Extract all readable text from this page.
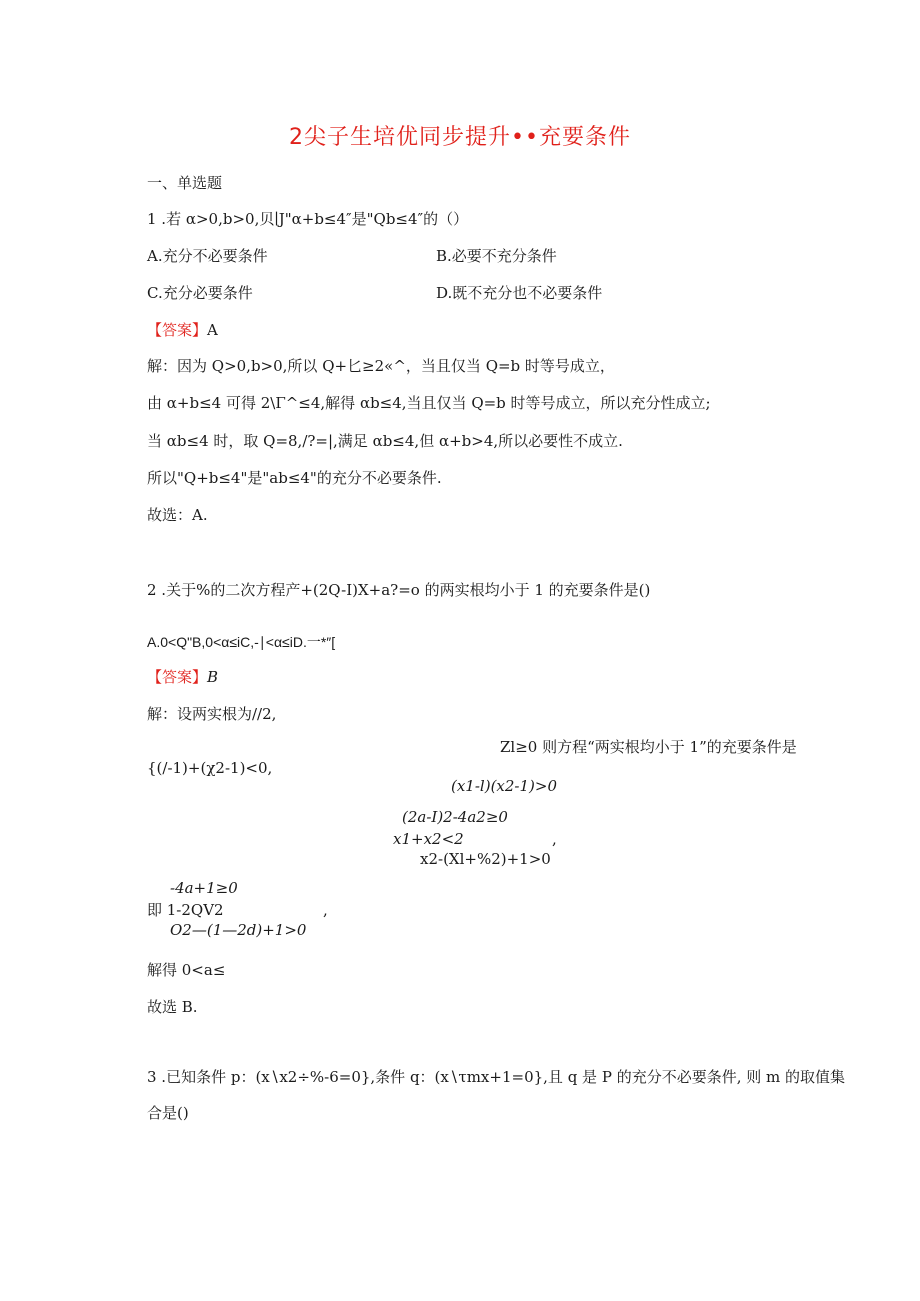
2尖子生培优同步提升••充要条件
一、单选题
1 .若 α>0,b>0,贝∣J"α+b≤4″是"Qb≤4″的（）
A.充分不必要条件	B.必要不充分条件
C.充分必要条件	D.既不充分也不必要条件
【答案】A
解：因为 Q>0,b>0,所以 Q+匕≥2«^，当且仅当 Q=b 时等号成立，
由 α+b≤4 可得 2\Γ^≤4,解得 αb≤4,当且仅当 Q=b 时等号成立，所以充分性成立;
当 αb≤4 时，取 Q=8,/?=|,满足 αb≤4,但 α+b>4,所以必要性不成立.
所以"Q+b≤4"是"ab≤4"的充分不必要条件.
故选：A.
2 .关于%的二次方程产+(2Q-I)X+a?=o 的两实根均小于 1 的充要条件是()
A.0<Q"B,0<α≤iC,-∣<α≤iD.一*″[
【答案】B
解：设两实根为//2,
Zl≥0 则方程“两实根均小于 1”的充要条件是
{(/-1)+(χ2-1)<0,
(x1-l)(x2-1)>0
(2a-I)2-4a2≥0
x1+x2<2	,
x2-(Xl+%2)+1>0
-4a+1≥0
即 1-2QV2	,
O2—(1—2d)+1>0
解得 0<a≤
故选 B.
3 .已知条件 p：(x∖x2÷%-6=0},条件 q：(x∖τmx+1=0},且 q 是 P 的充分不必要条件, 则 m 的取值集
合是()
